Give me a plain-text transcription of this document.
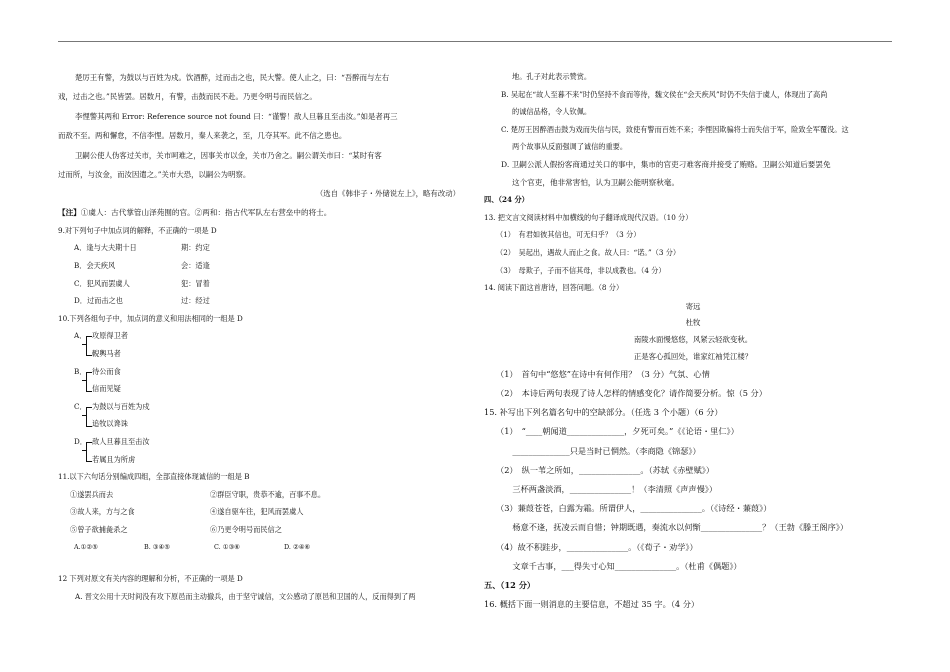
楚厉王有警，为鼓以与百姓为戍。饮酒醉，过而击之也，民大警。使人止之，曰：“吾醉而与左右
戏，过击之也。”民皆罢。居数月，有警，击鼓而民不赴。乃更令明号而民信之。
李悝警其两和 Error: Reference source not found 曰：“谨警！敌人旦暮且至击汝。”如是者再三
而敌不至。两和懈怠，不信李悝。居数月，秦人来袭之，至，几夺其军。此不信之患也。
卫嗣公使人伪客过关市，关市呵难之，因事关市以金，关市乃舍之。嗣公谓关市曰：“某时有客
过而所，与汝金，而汝因遣之。”关市大恐，以嗣公为明察。
（选自《韩非子・外储说左上》，略有改动）
【注】①虞人：古代掌管山泽苑囿的官。②两和：指古代军队左右营垒中的将士。
9.对下列句子中加点词的解释，不正确的一项是 D
A．逢与大夫期十日	期：约定
B．会天疾风	会：适逢
C．犯风而罢虞人	犯：冒着
D．过而击之也	过：经过
10.下列各组句子中，加点词的意义和用法相同的一组是 D
A． 攻原得卫者
輗輿马者
B． 待公而食
信而见疑
C． 为鼓以与百姓为戍
追牧以谗诛
D． 敌人旦暮且至击汝
若属且为所虏
11.以下六句话分别编成四组，全部直接体现诚信的一组是 B
①遂罢兵而去	②群臣守职，贵恭不逾，百事不息。
③故人来，方与之食	④遂自驱车往，犯风而罢虞人
⑤曾子欲捕彘杀之	⑥乃更令明号而民信之
A.①②⑤	B. ③④⑤	C. ①③⑥	D. ②④⑥
12 下列对原文有关内容的理解和分析，不正确的一项是 D
A. 晋文公用十天时间没有攻下原邑而主动撤兵，由于坚守诚信，文公感动了原邑和卫国的人，反而得到了两
地。孔子对此表示赞赏。
B. 吴起在“故人至暮不来”时仍坚持不食而等待，魏文侯在“会天疾风”时仍不失信于虞人，体现出了高尚
的诚信品格，令人钦佩。
C. 楚厉王因醉酒击鼓为戏而失信与民，致使有警而百姓不来；李悝因欺骗将士而失信于军，险致全军覆没。这
两个故事从反面强调了诚信的重要。
D. 卫嗣公派人假扮客商通过关口的事中，集市的官吏刁难客商并接受了贿赂。卫嗣公知道后要罢免
这个官吏，他非常害怕，认为卫嗣公能明察秋毫。
四、（24 分）
13. 把文言文阅读材料中加横线的句子翻译成现代汉语。（10 分）
（1）　有君如彼其信也，可无归乎？（3 分）
（2）　吴起出，遇故人而止之食。故人曰：“诺。”（3 分）
（3）　母欺子，子而不信其母，非以成教也。（4 分）
14. 阅读下面这首唐诗，回答问题。（8 分）
寄远
杜牧
南陵水面慢悠悠，风紧云轻欲变秋。
正是客心孤回处，谁家红袖凭江楼？
（1）　首句中“悠悠”在诗中有何作用？（3 分）气氛、心情
（2）　本诗后两句表现了诗人怎样的情感变化？请作简要分析。惊（5 分）
15. 补写出下列名篇名句中的空缺部分。（任选 3 个小题）（6 分）
（1）　“____朝闻道______________，夕死可矣。”《《论语・里仁》）
　　______________只是当时已惘然。（李商隐《锦瑟》）
（2）　纵一苇之所如，_______________。（苏轼《赤壁赋》）
　　三杯两盏淡酒，_______________！（李清照《声声慢》）
（3）蒹葭苍苍，白露为霜。所谓伊人，_______________。（《诗经・蒹葭》）
　　杨意不逢，抚凌云而自惜；钟期既遇，奏流水以何惭_______________？（王勃《滕王阁序》）
（4）故不积跬步，_______________。（《荀子・劝学》）
　　文章千古事，___得失寸心知_______________。（杜甫《偶题》）
五、（12 分）
16. 概括下面一则消息的主要信息，不超过 35 字。（4 分）
